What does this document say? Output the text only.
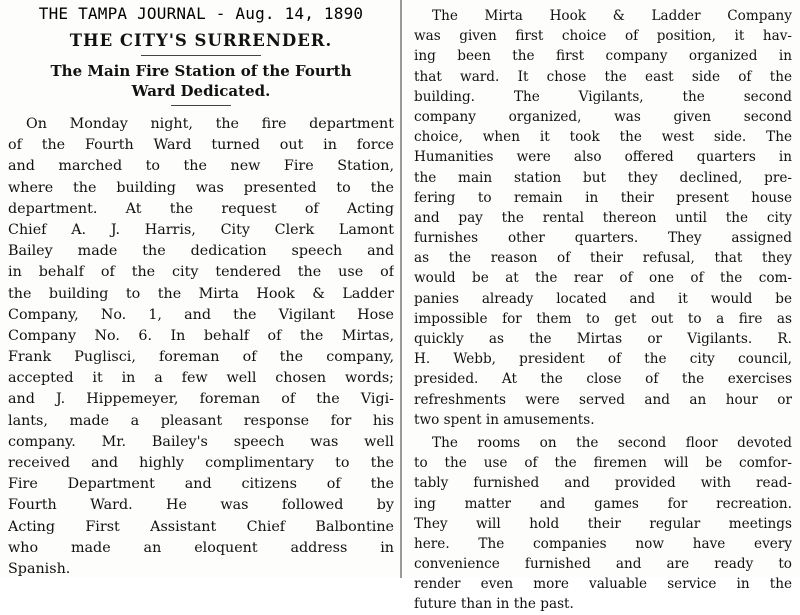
THE TAMPA JOURNAL - Aug. 14, 1890
THE CITY'S SURRENDER.
The Main Fire Station of the Fourth
Ward Dedicated.
On Monday night, the fire department
of the Fourth Ward turned out in force
and marched to the new Fire Station,
where the building was presented to the
department. At the request of Acting
Chief A. J. Harris, City Clerk Lamont
Bailey made the dedication speech and
in behalf of the city tendered the use of
the building to the Mirta Hook & Ladder
Company, No. 1, and the Vigilant Hose
Company No. 6. In behalf of the Mirtas,
Frank Puglisci, foreman of the company,
accepted it in a few well chosen words;
and J. Hippemeyer, foreman of the Vigi-
lants, made a pleasant response for his
company. Mr. Bailey's speech was well
received and highly complimentary to the
Fire Department and citizens of the
Fourth Ward. He was followed by
Acting First Assistant Chief Balbontine
who made an eloquent address in
Spanish.
The Mirta Hook & Ladder Company
was given first choice of position, it hav-
ing been the first company organized in
that ward. It chose the east side of the
building. The Vigilants, the second
company organized, was given second
choice, when it took the west side. The
Humanities were also offered quarters in
the main station but they declined, pre-
fering to remain in their present house
and pay the rental thereon until the city
furnishes other quarters. They assigned
as the reason of their refusal, that they
would be at the rear of one of the com-
panies already located and it would be
impossible for them to get out to a fire as
quickly as the Mirtas or Vigilants. R.
H. Webb, president of the city council,
presided. At the close of the exercises
refreshments were served and an hour or
two spent in amusements.
The rooms on the second floor devoted
to the use of the firemen will be comfor-
tably furnished and provided with read-
ing matter and games for recreation.
They will hold their regular meetings
here. The companies now have every
convenience furnished and are ready to
render even more valuable service in the
future than in the past.
